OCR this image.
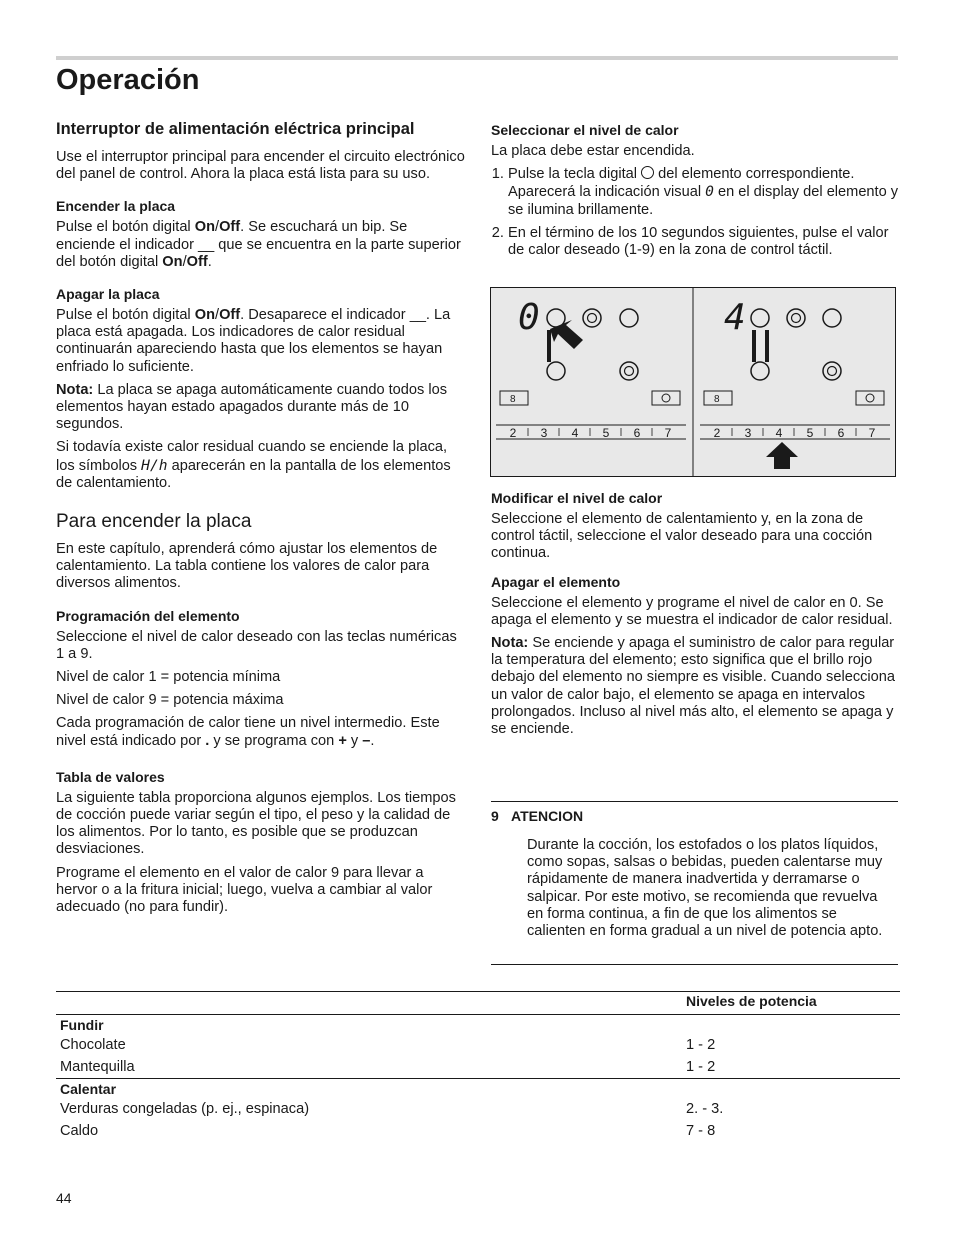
Operación
Interruptor de alimentación eléctrica principal

Use el interruptor principal para encender el circuito electrónico del panel de control. Ahora la placa está lista para su uso.

Encender la placa

Pulse el botón digital On/Off. Se escuchará un bip. Se enciende el indicador __ que se encuentra en la parte superior del botón digital On/Off.

Apagar la placa

Pulse el botón digital On/Off. Desaparece el indicador __. La placa está apagada. Los indicadores de calor residual continuarán apareciendo hasta que los elementos se hayan enfriado lo suficiente.

Nota: La placa se apaga automáticamente cuando todos los elementos hayan estado apagados durante más de 10 segundos.

Si todavía existe calor residual cuando se enciende la placa, los símbolos H/h aparecerán en la pantalla de los elementos de calentamiento.

Para encender la placa

En este capítulo, aprenderá cómo ajustar los elementos de calentamiento. La tabla contiene los valores de calor para diversos alimentos.

Programación del elemento

Seleccione el nivel de calor deseado con las teclas numéricas 1 a 9.

Nivel de calor 1 = potencia mínima

Nivel de calor 9 = potencia máxima

Cada programación de calor tiene un nivel intermedio. Este nivel está indicado por . y se programa con + y –.

Tabla de valores

La siguiente tabla proporciona algunos ejemplos. Los tiempos de cocción puede variar según el tipo, el peso y la calidad de los alimentos. Por lo tanto, es posible que se produzcan desviaciones.

Programe el elemento en el valor de calor 9 para llevar a hervor o a la fritura inicial; luego, vuelva a cambiar al valor adecuado (no para fundir).

Seleccionar el nivel de calor

La placa debe estar encendida.

1. Pulse la tecla digital  del elemento correspondiente. Aparecerá la indicación visual 0 en el display del elemento y se ilumina brillamente.
2. En el término de los 10 segundos siguientes, pulse el valor de calor deseado (1-9) en la zona de control táctil.
0
8
2 3 4 5 6 7
4
8
2 3 4 5 6 7
Modificar el nivel de calor

Seleccione el elemento de calentamiento y, en la zona de control táctil, seleccione el valor deseado para una cocción continua.

Apagar el elemento

Seleccione el elemento y programe el nivel de calor en 0. Se apaga el elemento y se muestra el indicador de calor residual.

Nota: Se enciende y apaga el suministro de calor para regular la temperatura del elemento; esto significa que el brillo rojo debajo del elemento no siempre es visible. Cuando selecciona un valor de calor bajo, el elemento se apaga en intervalos prolongados. Incluso al nivel más alto, el elemento se apaga y se enciende.

9 ATENCION

Durante la cocción, los estofados o los platos líquidos, como sopas, salsas o bebidas, pueden calentarse muy rápidamente de manera inadvertida y derramarse o salpicar. Por este motivo, se recomienda que revuelva en forma continua, a fin de que los alimentos se calienten en forma gradual a un nivel de potencia apto.

Niveles de potencia
Fundir
Chocolate	1 - 2
Mantequilla	1 - 2
Calentar
Verduras congeladas (p. ej., espinaca)	2. - 3.
Caldo	7 - 8
44
